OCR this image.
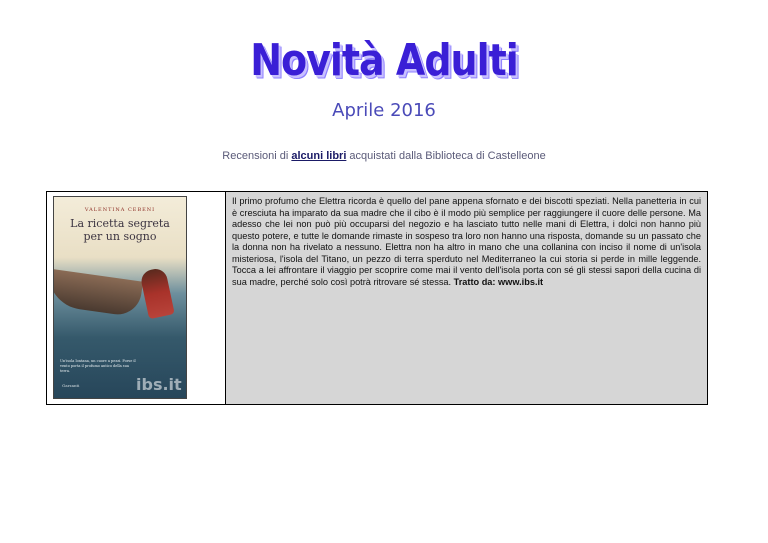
Novità Adulti
Aprile 2016
Recensioni di alcuni libri acquistati dalla Biblioteca di Castelleone
VALENTINA CEBENI
La ricetta segreta
per un sogno
Un'isola lontana, un cuore a pezzi. Forse il vento porta il profumo antico della sua terra.
ibs.it
Garzanti
Il primo profumo che Elettra ricorda è quello del pane appena sfornato e dei biscotti speziati. Nella panetteria in cui è cresciuta ha imparato da sua madre che il cibo è il modo più semplice per raggiungere il cuore delle persone. Ma adesso che lei non può più occuparsi del negozio e ha lasciato tutto nelle mani di Elettra, i dolci non hanno più questo potere, e tutte le domande rimaste in sospeso tra loro non hanno una risposta, domande su un passato che la donna non ha rivelato a nessuno. Elettra non ha altro in mano che una collanina con inciso il nome di un'isola misteriosa, l'isola del Titano, un pezzo di terra sperduto nel Mediterraneo la cui storia si perde in mille leggende. Tocca a lei affrontare il viaggio per scoprire come mai il vento dell'isola porta con sé gli stessi sapori della cucina di sua madre, perché solo così potrà ritrovare sé stessa. Tratto da: www.ibs.it
